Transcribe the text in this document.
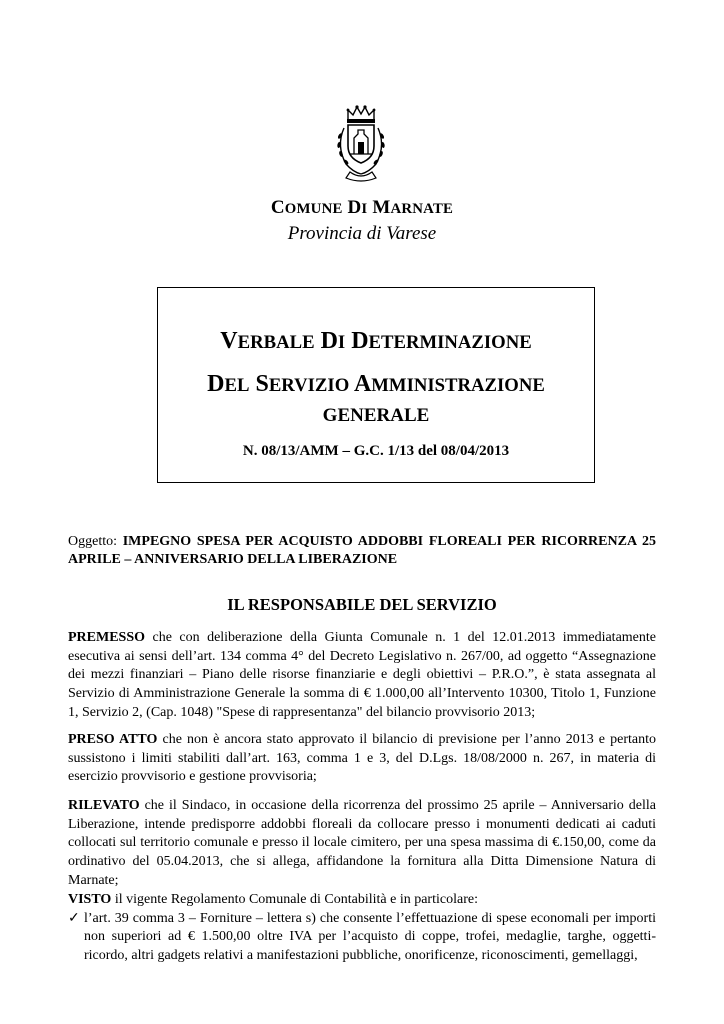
COMUNE DI MARNATE
Provincia di Varese
VERBALE DI DETERMINAZIONE
DEL SERVIZIO AMMINISTRAZIONE
GENERALE
N. 08/13/AMM – G.C. 1/13 del 08/04/2013
Oggetto: IMPEGNO SPESA PER ACQUISTO ADDOBBI FLOREALI PER RICORRENZA 25 APRILE – ANNIVERSARIO DELLA LIBERAZIONE
IL RESPONSABILE DEL SERVIZIO
PREMESSO che con deliberazione della Giunta Comunale n. 1 del 12.01.2013 immediatamente esecutiva ai sensi dell’art. 134 comma 4° del Decreto Legislativo n. 267/00, ad oggetto “Assegnazione dei mezzi finanziari – Piano delle risorse finanziarie e degli obiettivi – P.R.O.”, è stata assegnata al Servizio di Amministrazione Generale la somma di € 1.000,00 all’Intervento 10300, Titolo 1, Funzione 1, Servizio 2, (Cap. 1048) "Spese di rappresentanza" del bilancio provvisorio 2013;
PRESO ATTO che non è ancora stato approvato il bilancio di previsione per l’anno 2013 e pertanto sussistono i limiti stabiliti dall’art. 163, comma 1 e 3, del D.Lgs. 18/08/2000 n. 267, in materia di esercizio provvisorio e gestione provvisoria;
RILEVATO che il Sindaco, in occasione della ricorrenza del prossimo 25 aprile – Anniversario della Liberazione, intende predisporre addobbi floreali da collocare presso i monumenti dedicati ai caduti collocati sul territorio comunale e presso il locale cimitero, per una spesa massima di €.150,00, come da ordinativo del 05.04.2013, che si allega, affidandone la fornitura alla Ditta Dimensione Natura di Marnate;
VISTO il vigente Regolamento Comunale di Contabilità e in particolare:
✓ l’art. 39 comma 3 – Forniture – lettera s) che consente l’effettuazione di spese economali per importi non superiori ad € 1.500,00 oltre IVA per l’acquisto di coppe, trofei, medaglie, targhe, oggetti-ricordo, altri gadgets relativi a manifestazioni pubbliche, onorificenze, riconoscimenti, gemellaggi,
